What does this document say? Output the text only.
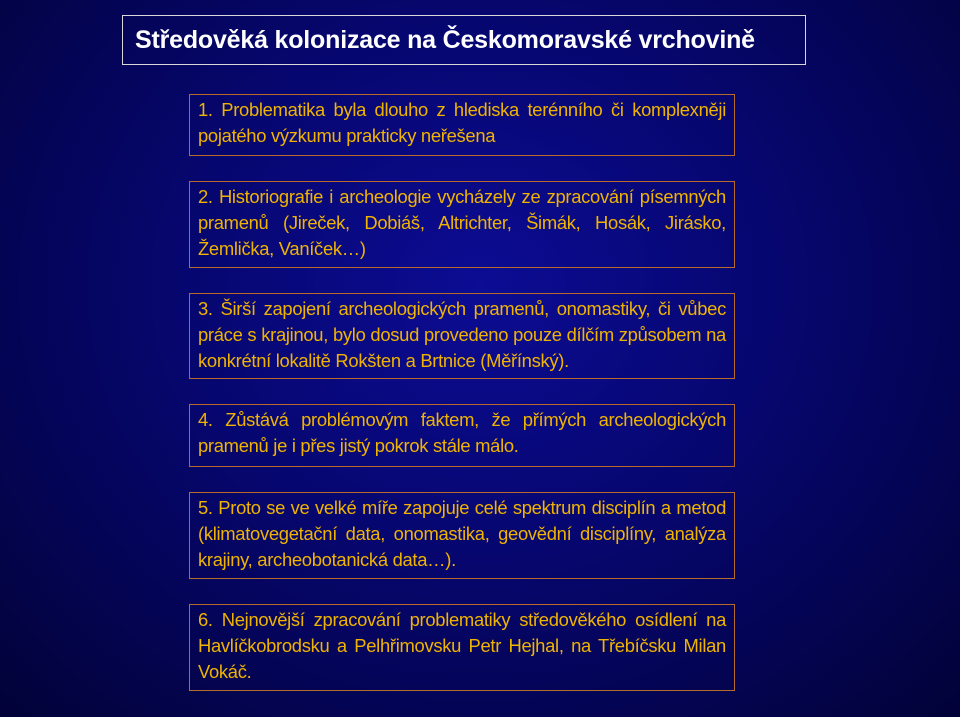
Středověká kolonizace na Českomoravské vrchovině
1. Problematika byla dlouho z hlediska terénního či komplexněji pojatého výzkumu prakticky neřešena
2. Historiografie i archeologie vycházely ze zpracování písemných pramenů (Jireček, Dobiáš, Altrichter, Šimák, Hosák, Jirásko, Žemlička, Vaníček…)
3. Širší zapojení archeologických pramenů, onomastiky, či vůbec práce s krajinou, bylo dosud provedeno pouze dílčím způsobem na konkrétní lokalitě Rokšten a Brtnice (Měřínský).
4. Zůstává problémovým faktem, že přímých archeologických pramenů je i přes jistý pokrok stále málo.
5. Proto se ve velké míře zapojuje celé spektrum disciplín a metod (klimatovegetační data, onomastika, geovědní disciplíny, analýza krajiny, archeobotanická data…).
6. Nejnovější zpracování problematiky středověkého osídlení na Havlíčkobrodsku a Pelhřimovsku Petr Hejhal, na Třebíčsku Milan Vokáč.
